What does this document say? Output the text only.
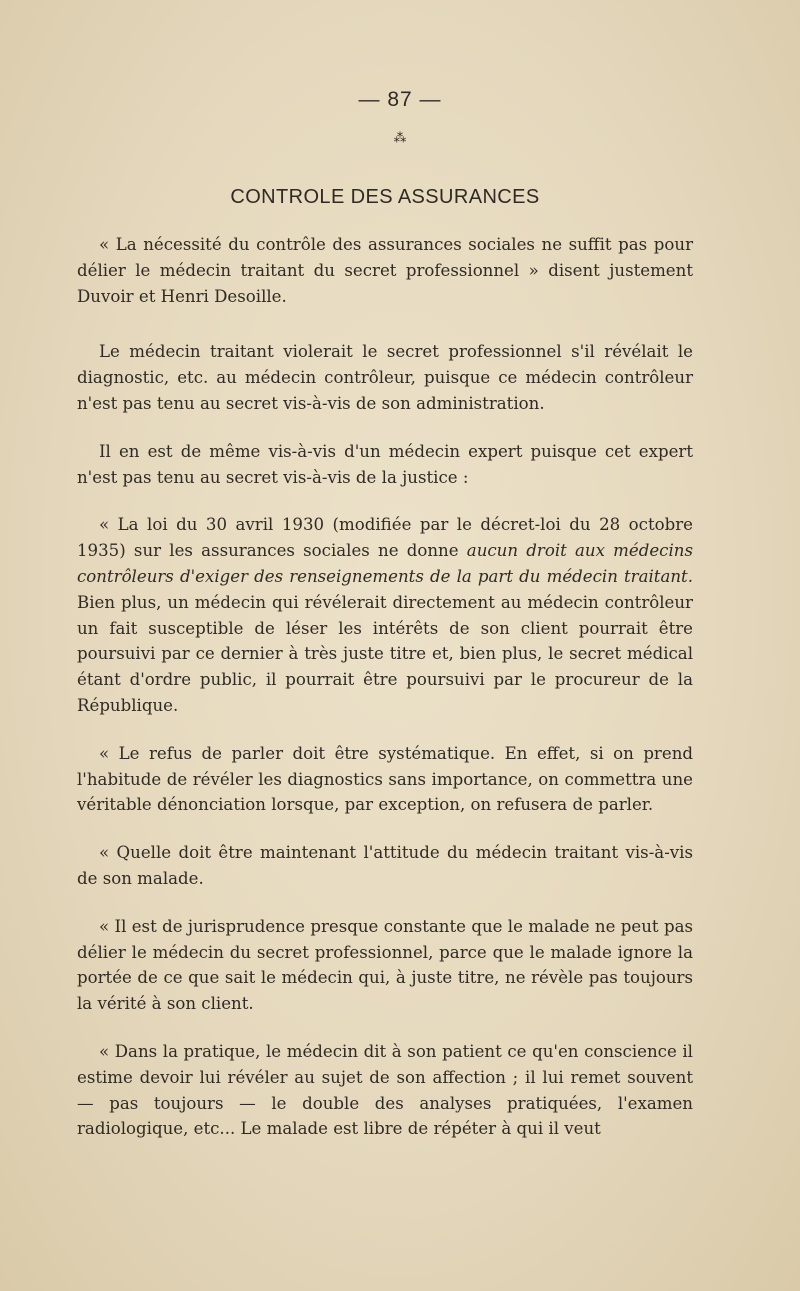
— 87 —
⁂
CONTROLE DES ASSURANCES

« La nécessité du contrôle des assurances sociales ne suffit pas pour délier le médecin traitant du secret professionnel » disent justement Duvoir et Henri Desoille.

Le médecin traitant violerait le secret professionnel s'il révélait le diagnostic, etc. au médecin contrôleur, puisque ce médecin contrôleur n'est pas tenu au secret vis-à-vis de son administration.

Il en est de même vis-à-vis d'un médecin expert puisque cet expert n'est pas tenu au secret vis-à-vis de la justice :

« La loi du 30 avril 1930 (modifiée par le décret-loi du 28 octobre 1935) sur les assurances sociales ne donne aucun droit aux médecins contrôleurs d'exiger des renseignements de la part du médecin traitant. Bien plus, un médecin qui révélerait directement au médecin contrôleur un fait susceptible de léser les intérêts de son client pourrait être poursuivi par ce dernier à très juste titre et, bien plus, le secret médical étant d'ordre public, il pourrait être poursuivi par le procureur de la République.

« Le refus de parler doit être systématique. En effet, si on prend l'habitude de révéler les diagnostics sans importance, on commettra une véritable dénonciation lorsque, par exception, on refusera de parler.

« Quelle doit être maintenant l'attitude du médecin traitant vis-à-vis de son malade.

« Il est de jurisprudence presque constante que le malade ne peut pas délier le médecin du secret professionnel, parce que le malade ignore la portée de ce que sait le médecin qui, à juste titre, ne révèle pas toujours la vérité à son client.

« Dans la pratique, le médecin dit à son patient ce qu'en conscience il estime devoir lui révéler au sujet de son affection ; il lui remet souvent — pas toujours — le double des analyses pratiquées, l'examen radiologique, etc... Le malade est libre de répéter à qui il veut
